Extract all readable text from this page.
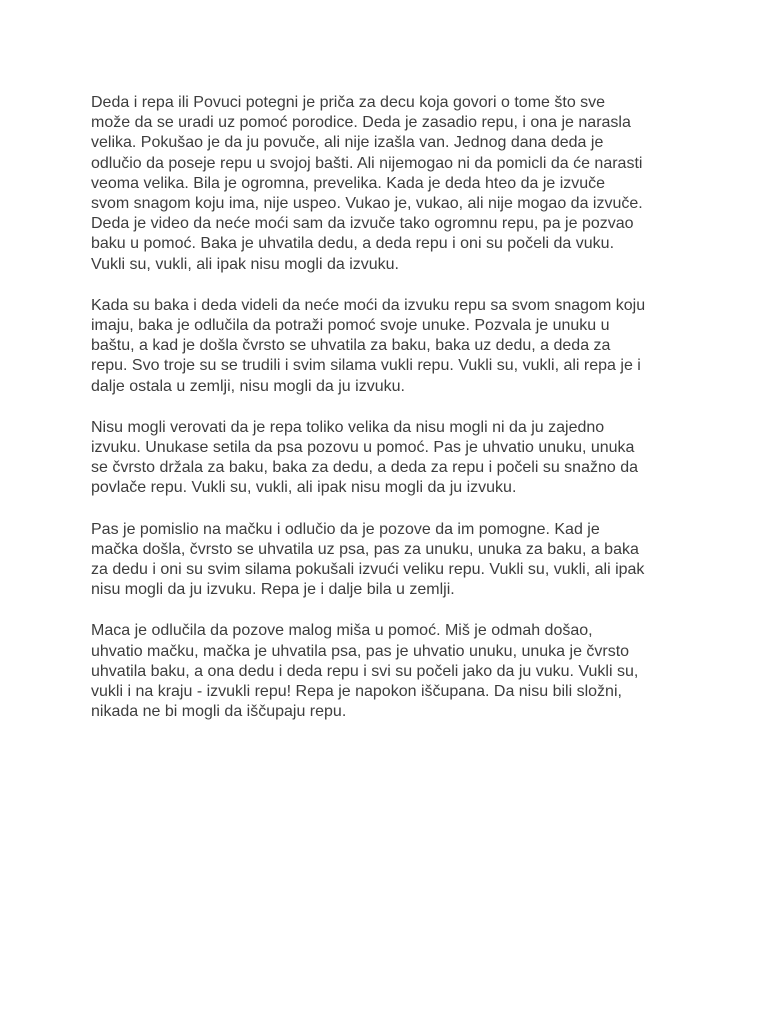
Deda i repa ili Povuci potegni je priča za decu koja govori o tome što sve
može da se uradi uz pomoć porodice. Deda je zasadio repu, i ona je narasla
velika. Pokušao je da ju povuče, ali nije izašla van. Jednog dana deda je
odlučio da poseje repu u svojoj bašti. Ali nijemogao ni da pomicli da će narasti
veoma velika. Bila je ogromna, prevelika. Kada je deda hteo da je izvuče
svom snagom koju ima, nije uspeo. Vukao je, vukao, ali nije mogao da izvuče.
Deda je video da neće moći sam da izvuče tako ogromnu repu, pa je pozvao
baku u pomoć. Baka je uhvatila dedu, a deda repu i oni su počeli da vuku.
Vukli su, vukli, ali ipak nisu mogli da izvuku.

Kada su baka i deda videli da neće moći da izvuku repu sa svom snagom koju
imaju, baka je odlučila da potraži pomoć svoje unuke. Pozvala je unuku u
baštu, a kad je došla čvrsto se uhvatila za baku, baka uz dedu, a deda za
repu. Svo troje su se trudili i svim silama vukli repu. Vukli su, vukli, ali repa je i
dalje ostala u zemlji, nisu mogli da ju izvuku.

Nisu mogli verovati da je repa toliko velika da nisu mogli ni da ju zajedno
izvuku. Unukase setila da psa pozovu u pomoć. Pas je uhvatio unuku, unuka
se čvrsto držala za baku, baka za dedu, a deda za repu i počeli su snažno da
povlače repu. Vukli su, vukli, ali ipak nisu mogli da ju izvuku.

Pas je pomislio na mačku i odlučio da je pozove da im pomogne. Kad je
mačka došla, čvrsto se uhvatila uz psa, pas za unuku, unuka za baku, a baka
za dedu i oni su svim silama pokušali izvući veliku repu. Vukli su, vukli, ali ipak
nisu mogli da ju izvuku. Repa je i dalje bila u zemlji.

Maca je odlučila da pozove malog miša u pomoć. Miš je odmah došao,
uhvatio mačku, mačka je uhvatila psa, pas je uhvatio unuku, unuka je čvrsto
uhvatila baku, a ona dedu i deda repu i svi su počeli jako da ju vuku. Vukli su,
vukli i na kraju - izvukli repu! Repa je napokon iščupana. Da nisu bili složni,
nikada ne bi mogli da iščupaju repu.
